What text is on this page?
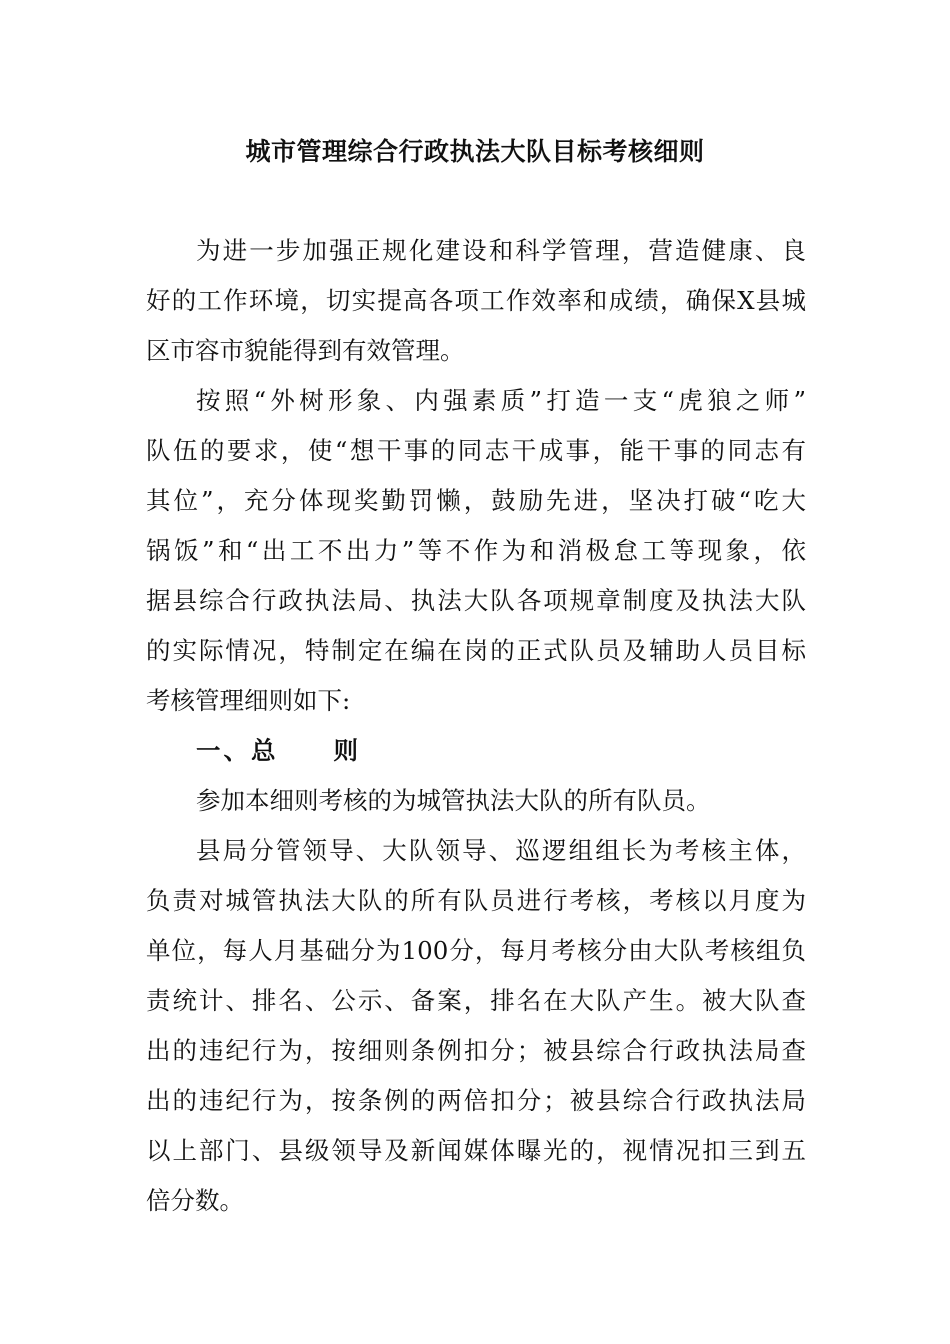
城市管理综合行政执法大队目标考核细则
为进一步加强正规化建设和科学管理，营造健康、良
好的工作环境，切实提高各项工作效率和成绩，确保X县城
区市容市貌能得到有效管理。
按照“外树形象、内强素质”打造一支“虎狼之师”
队伍的要求，使“想干事的同志干成事，能干事的同志有
其位”，充分体现奖勤罚懒，鼓励先进，坚决打破“吃大
锅饭”和“出工不出力”等不作为和消极怠工等现象，依
据县综合行政执法局、执法大队各项规章制度及执法大队
的实际情况，特制定在编在岗的正式队员及辅助人员目标
考核管理细则如下:
一、总　　则
参加本细则考核的为城管执法大队的所有队员。
县局分管领导、大队领导、巡逻组组长为考核主体，
负责对城管执法大队的所有队员进行考核，考核以月度为
单位，每人月基础分为100分，每月考核分由大队考核组负
责统计、排名、公示、备案，排名在大队产生。被大队查
出的违纪行为，按细则条例扣分；被县综合行政执法局查
出的违纪行为，按条例的两倍扣分；被县综合行政执法局
以上部门、县级领导及新闻媒体曝光的，视情况扣三到五
倍分数。
